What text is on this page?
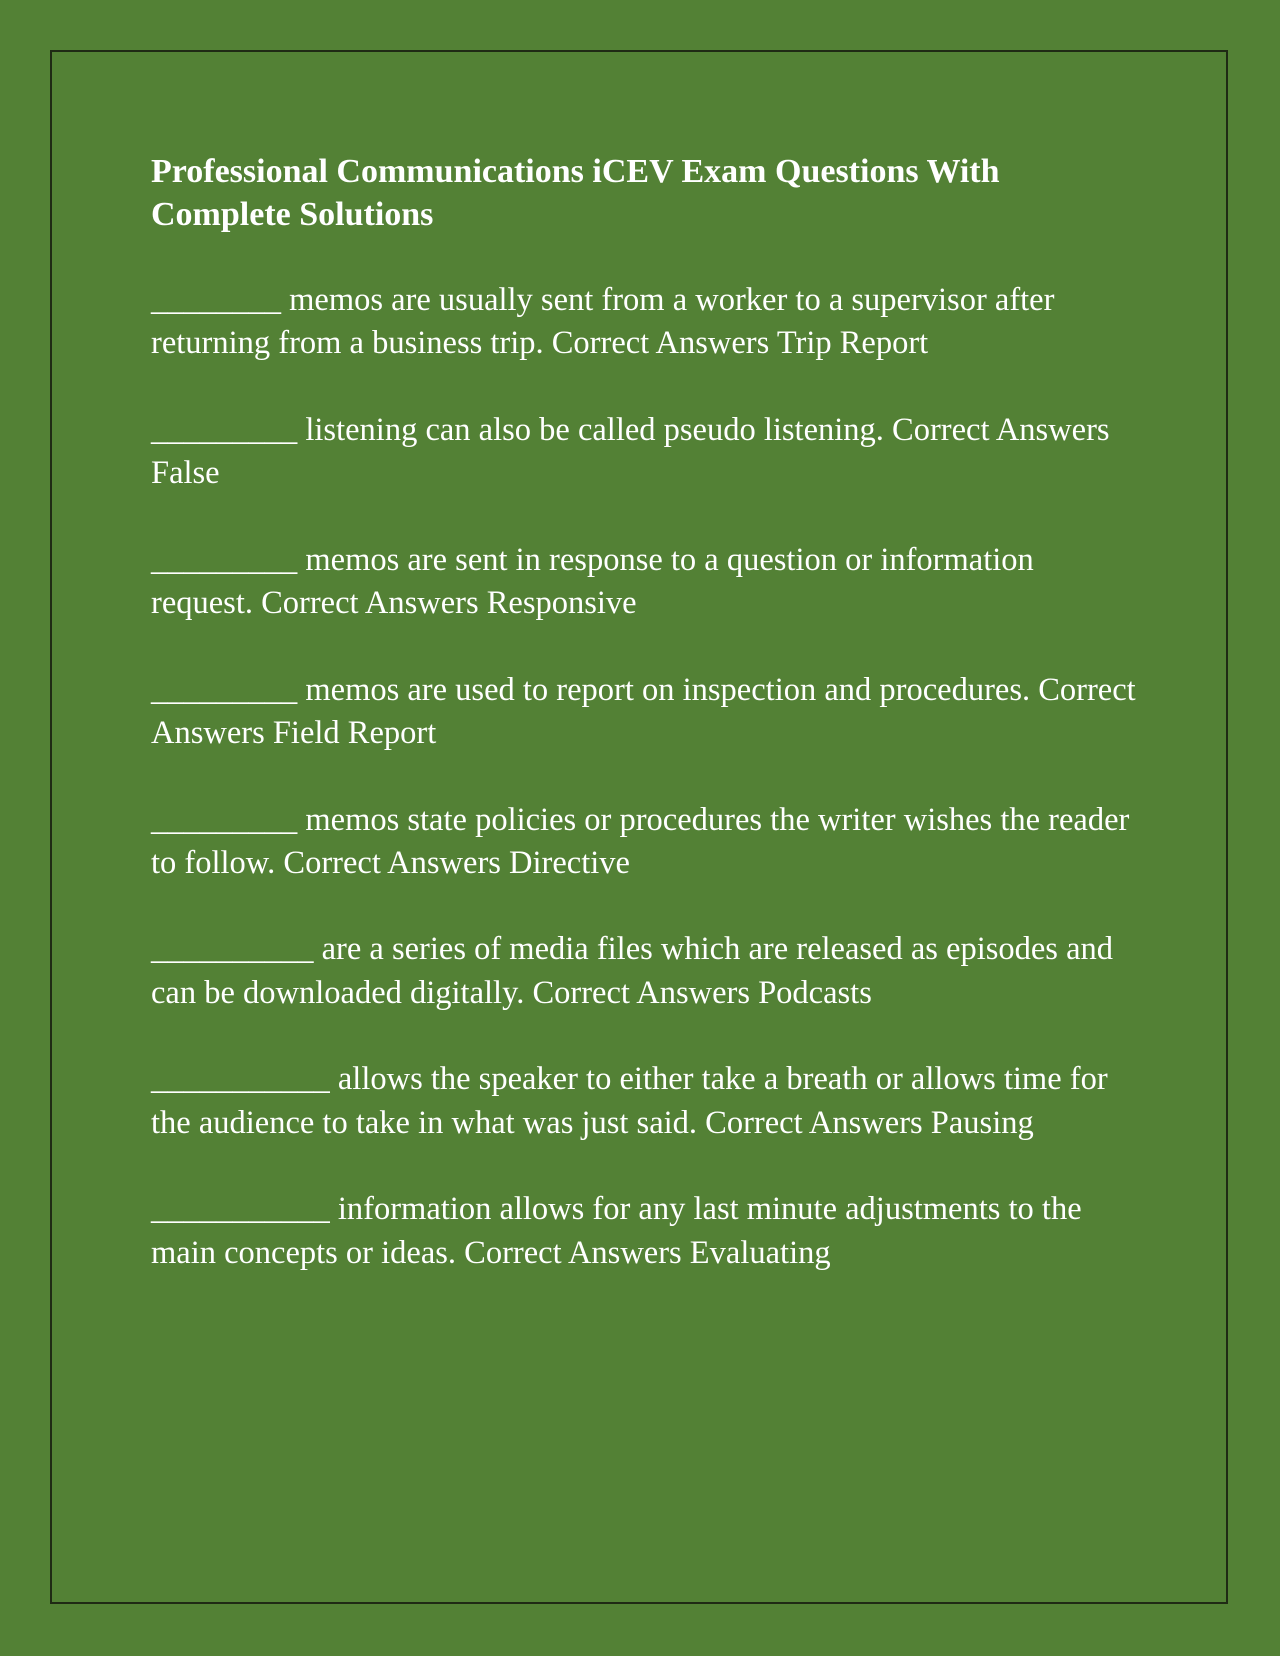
Professional Communications iCEV Exam Questions With Complete Solutions

________ memos are usually sent from a worker to a supervisor after returning from a business trip. Correct Answers Trip Report

_________ listening can also be called pseudo listening. Correct Answers False

_________ memos are sent in response to a question or information request. Correct Answers Responsive

_________ memos are used to report on inspection and procedures. Correct Answers Field Report

_________ memos state policies or procedures the writer wishes the reader to follow. Correct Answers Directive

__________ are a series of media files which are released as episodes and can be downloaded digitally. Correct Answers Podcasts

___________ allows the speaker to either take a breath or allows time for the audience to take in what was just said. Correct Answers Pausing

___________ information allows for any last minute adjustments to the main concepts or ideas. Correct Answers Evaluating
